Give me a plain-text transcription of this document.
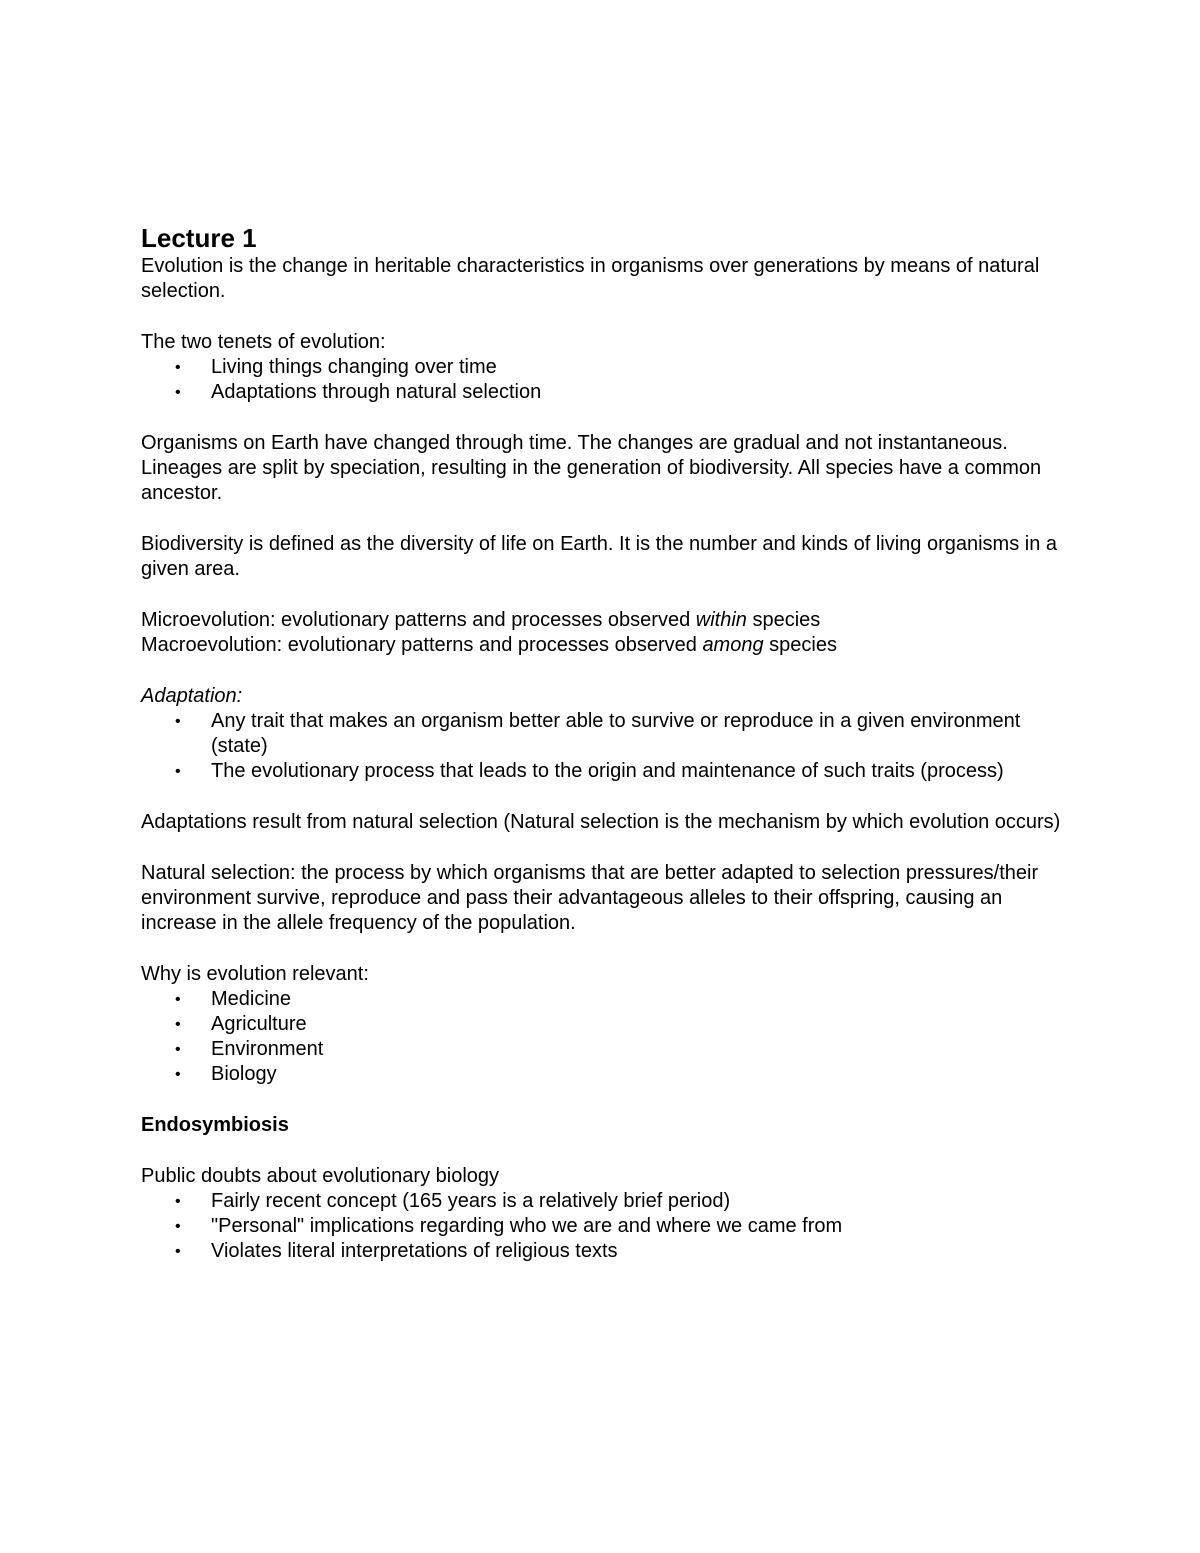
Lecture 1

Evolution is the change in heritable characteristics in organisms over generations by means of natural selection.

The two tenets of evolution:

• Living things changing over time
• Adaptations through natural selection

Organisms on Earth have changed through time. The changes are gradual and not instantaneous. Lineages are split by speciation, resulting in the generation of biodiversity. All species have a common ancestor.

Biodiversity is defined as the diversity of life on Earth. It is the number and kinds of living organisms in a given area.

Microevolution: evolutionary patterns and processes observed within species

Macroevolution: evolutionary patterns and processes observed among species

Adaptation:

• Any trait that makes an organism better able to survive or reproduce in a given environment (state)
• The evolutionary process that leads to the origin and maintenance of such traits (process)

Adaptations result from natural selection (Natural selection is the mechanism by which evolution occurs)

Natural selection: the process by which organisms that are better adapted to selection pressures/their environment survive, reproduce and pass their advantageous alleles to their offspring, causing an increase in the allele frequency of the population.

Why is evolution relevant:

• Medicine
• Agriculture
• Environment
• Biology

Endosymbiosis

Public doubts about evolutionary biology

• Fairly recent concept (165 years is a relatively brief period)
• "Personal" implications regarding who we are and where we came from
• Violates literal interpretations of religious texts
